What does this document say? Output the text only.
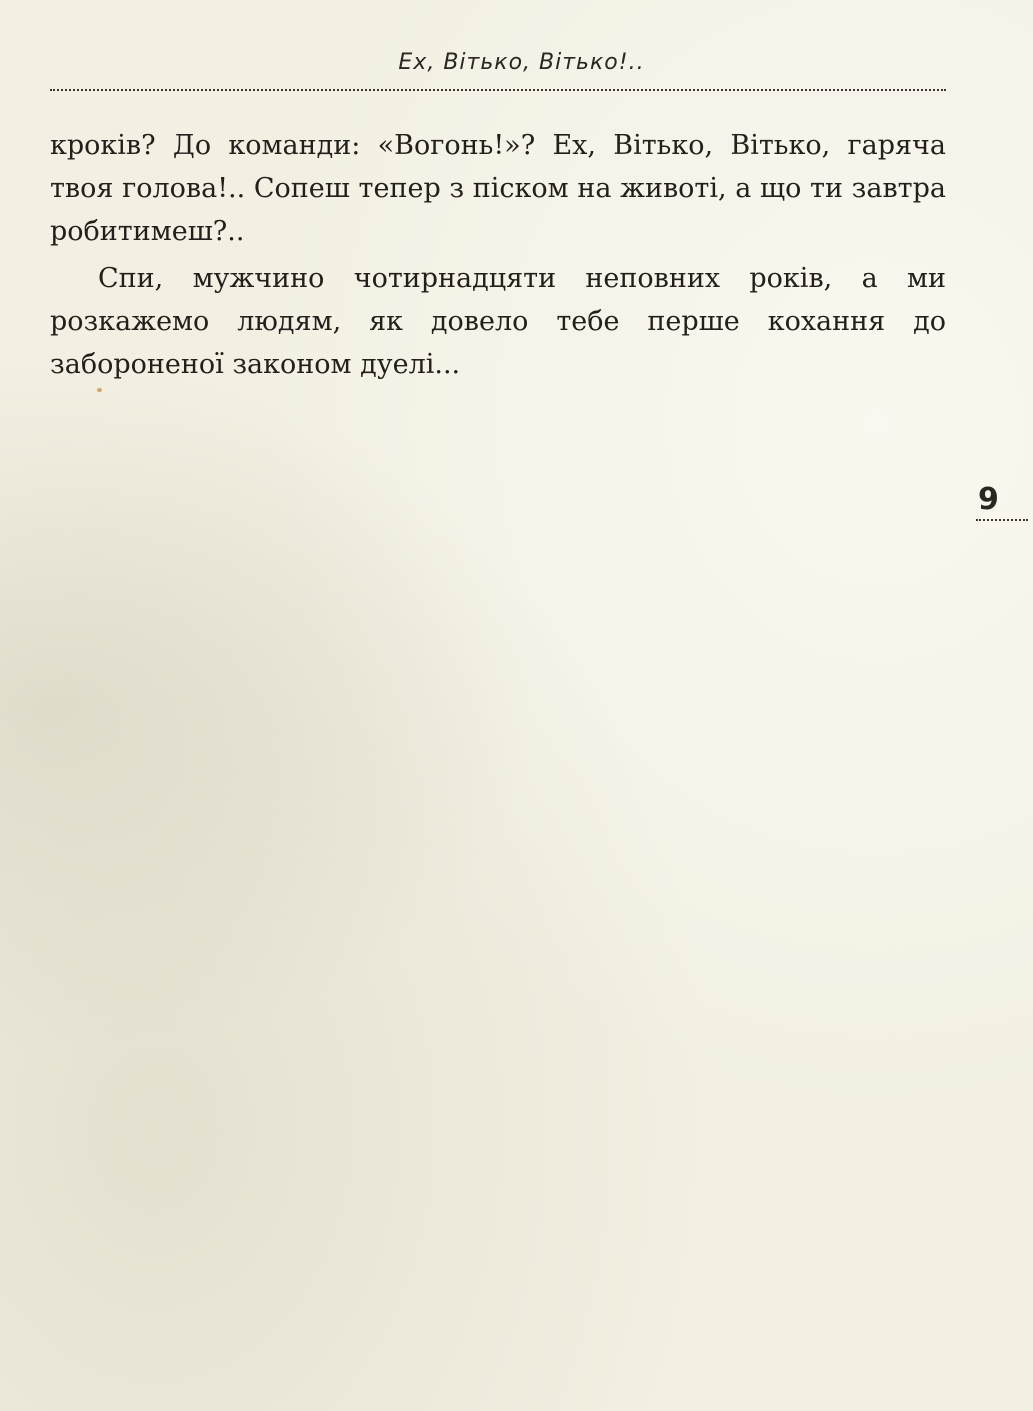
Ех, Вітько, Вітько!..

кроків? До команди: «Вогонь!»? Ех, Вітько, Вітько, гаряча твоя голова!.. Сопеш тепер з піском на животі, а що ти завтра робитимеш?..

Спи, мужчино чотирнадцяти неповних років, а ми розкажемо людям, як довело тебе перше кохання до забороненої законом дуелі...

9
